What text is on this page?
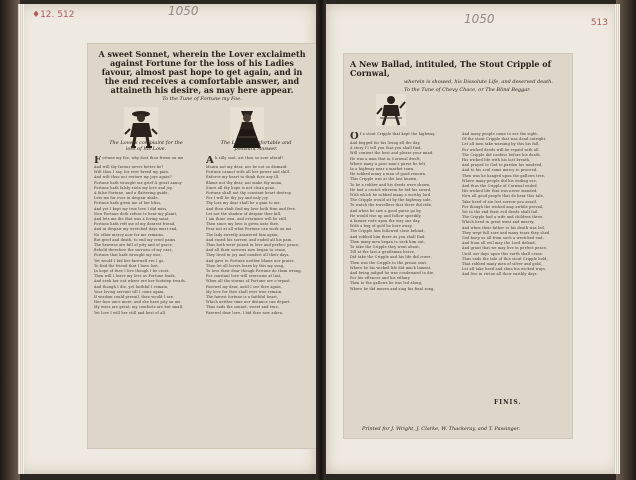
♦12. 512	1050
A sweet Sonnet, wherein the Lover exclaimeth against Fortune for the loss of his Ladies favour, almost past hope to get again, and in the end receives a comfortable answer, and attaineth his desire, as may here appear.
To the Tune of Fortune my Foe.
The Lovers complaint for the loss of his Love.
The Ladies comfortable and pleasant Answer.
Fortune my foe, why dost thou frown on me
And will thy favour never better be?
Wilt thou I say, for ever breed my pain,
And wilt thou not restore my joys again?
Fortune hath wrought me grief & great annoy
Fortune hath falsly stoln my love and joy.
A false Fortune, and a flattering guide,
Lets me for ever in despair abide.
Fortune hath given me of her bliss,
And yet I kept my true love I did miss,
Now Fortune doth refuse to hear my plaint,
And lets me die that was a loving saint.
Fortune hath reft me of my dearest friend,
And in despair my wretched days must end,
No other mercy now for me remains,
But grief and death, to end my cruel pains.
The heavens are full of pity and of grace,
Behold therefore the sorrows of my case,
Fortune that hath wrought my woe,
Yet would I bid her farewell ere I go,
To find the friend that I have lost,
In hope of thee I live though I be crost.
Then will I leave my love as Fortune leads,
And seek her out where ere her footstep treads.
And though I die, yet faithful I remain,
Your loving servant till I come again.
If wisdom could prevail, then would I see,
Her face once more, and she have pity on me.
My woes are great, my comforts are but small,
Yet love I will her still and best of all.
Ah silly soul, art thou so sore afraid?
Mourn not my dear, nor be not so dismaid:
Fortune cannot with all her power and skill,
Enforce my heart to think thee any ill.
Blame not thy dear, nor make thy moan,
Since all thy hope is not clean gone,
Fortune shall not thy constant heart destroy,
For I will be thy joy and only joy.
Thy loss my dear shall be a gain to me,
And thou shalt find my love both firm and free.
Let not the shadow of despair thee kill,
I am thine own, and evermore will be still.
Then since my love is given unto thee,
Fear not at all what Fortune can work on me.
The lady sweetly answered him again,
And eased his sorrow, and ended all his pain.
Thus both were joined in love and perfect peace,
And all their sorrows now began to cease,
They lived in joy and comfort all their days,
And gave to Fortune neither blame nor praise.
Then let all lovers learn by this my song,
To love their dear though Fortune do them wrong,
For constant love will overcome at last,
When all the storms of Fortune are o'erpast.
Farewel my dear, until I see thee again,
My love for thee shall ever true remain.
The fairest fortune is a faithful heart,
Which neither time nor distance can depart.
Thus ends the sonnet, sweet and true,
Farewel dear love, I bid thee now adieu.
1050	513
A New Ballad, intituled, The Stout Cripple of Cornwal,
wherein is showed, his Dissolute Life, and deserved death.
To the Tune of Chevy Chace, or The Blind Beggar.
Of a stout Cripple that kept the highway,
And begged for his living all the day,
A story I'l tell you that you shall find,
Will content the best and please your mind.
He was a man that in Cornwal dwelt,
Where many a poor man's purse he felt,
In a highway near a market town,
He robbed many a man of good renown.
This Cripple was at the last known,
To be a robber and his deeds were shown,
He had a crutch wherein he hid his sword,
With which he robbed many a worthy lord.
The Cripple would sit by the highway side,
To watch the travellers that there did ride,
And when he saw a good purse go by,
He would rise up and follow speedily.
A farmer rode upon the way one day,
With a bag of gold he bore away,
The Cripple him followed close behind,
And robbed him there as you shall find.
Then many men began to seek him out,
To take the Cripple they went about,
Till at the last a gentleman brave,
Did take the Cripple and his life did crave.
Then was the Cripple to the prison sent,
Where he his wicked life did much lament,
And being judged he was condemned to die,
For his offences and his villany.
Then to the gallows he was led along,
Where he did mourn and sing his final song,
And many people came to see the sight,
Of the stout Cripple that was dead outright.
Let all men take warning by this his fall,
For wicked deeds will be repaid with all.
The Cripple did confess before his death,
His wicked life with his last breath,
And prayed to God to pardon his misdeed,
And to his soul some mercy to proceed.
Then was he hanged upon the gallows tree,
Where many people did his ending see,
And thus the Cripple of Cornwal ended,
His wicked life that was never mended.
Now all good people that do hear this tale,
Take heed of sin lest sorrow you assail,
For though the wicked may awhile prevail,
Yet in the end their evil deeds shall fail.
The Cripple had a wife and children three,
Which lived in great want and misery,
And when their father to his death was led,
They wept full sore and many tears they shed.
God keep us all from such a wretched end,
And from all evil may the Lord defend,
And grant that we may live in perfect peace,
Until our days upon this earth shall cease.
Thus ends the tale of this stout Cripple bold,
That robbed many men of silver and gold,
Let all take heed and shun his wicked ways,
And live in virtue all their earthly days.
FINIS.
Printed for J. Wright, J. Clarke, W. Thackeray, and T. Passinger.
